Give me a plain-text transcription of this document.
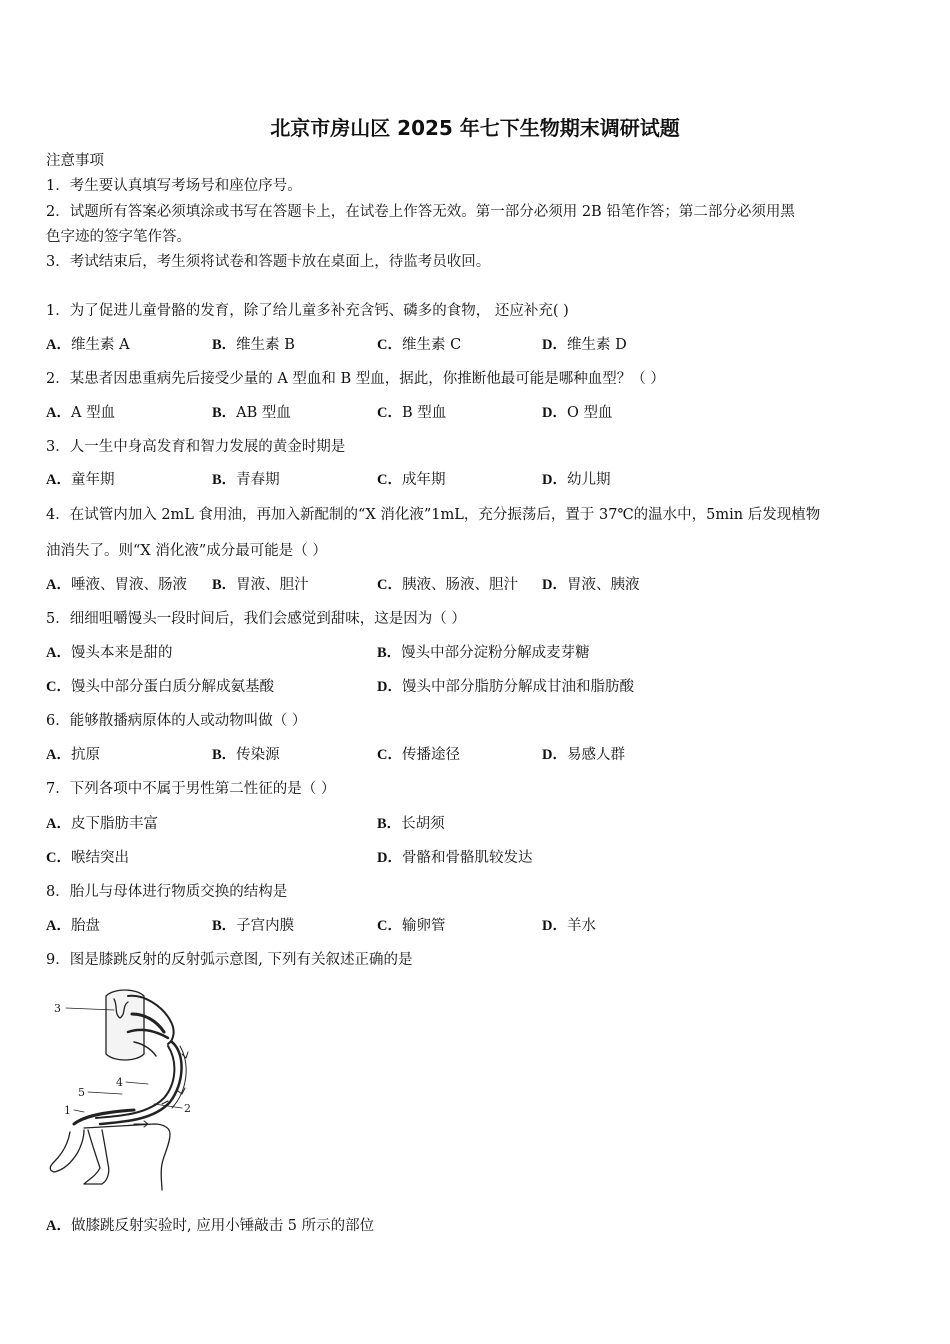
北京市房山区 2025 年七下生物期末调研试题
注意事项
1．考生要认真填写考场号和座位序号。
2．试题所有答案必须填涂或书写在答题卡上，在试卷上作答无效。第一部分必须用 2B 铅笔作答；第二部分必须用黑
色字迹的签字笔作答。
3．考试结束后，考生须将试卷和答题卡放在桌面上，待监考员收回。
1．为了促进儿童骨骼的发育，除了给儿童多补充含钙、磷多的食物， 还应补充( )
A．维生素 A	B．维生素 B	C．维生素 C	D．维生素 D
2．某患者因患重病先后接受少量的 A 型血和 B 型血，据此，你推断他最可能是哪种血型？（ ）
A．A 型血	B．AB 型血	C．B 型血	D．O 型血
3．人一生中身高发育和智力发展的黄金时期是
A．童年期	B．青春期	C．成年期	D．幼儿期
4．在试管内加入 2mL 食用油，再加入新配制的“X 消化液”1mL，充分振荡后，置于 37℃的温水中，5min 后发现植物
油消失了。则“X 消化液”成分最可能是（ ）
A．唾液、胃液、肠液 B．胃液、胆汁	C．胰液、肠液、胆汁 D．胃液、胰液
5．细细咀嚼馒头一段时间后，我们会感觉到甜味，这是因为（ ）
A．馒头本来是甜的	B．馒头中部分淀粉分解成麦芽糖
C．馒头中部分蛋白质分解成氨基酸	D．馒头中部分脂肪分解成甘油和脂肪酸
6．能够散播病原体的人或动物叫做（ ）
A．抗原	B．传染源	C．传播途径	D．易感人群
7．下列各项中不属于男性第二性征的是（ ）
A．皮下脂肪丰富	B．长胡须
C．喉结突出	D．骨骼和骨骼肌较发达
8．胎儿与母体进行物质交换的结构是
A．胎盘	B．子宫内膜	C．输卵管	D．羊水
9．图是膝跳反射的反射弧示意图, 下列有关叙述正确的是
3
4
5
2
1
A．做膝跳反射实验时, 应用小锤敲击 5 所示的部位
